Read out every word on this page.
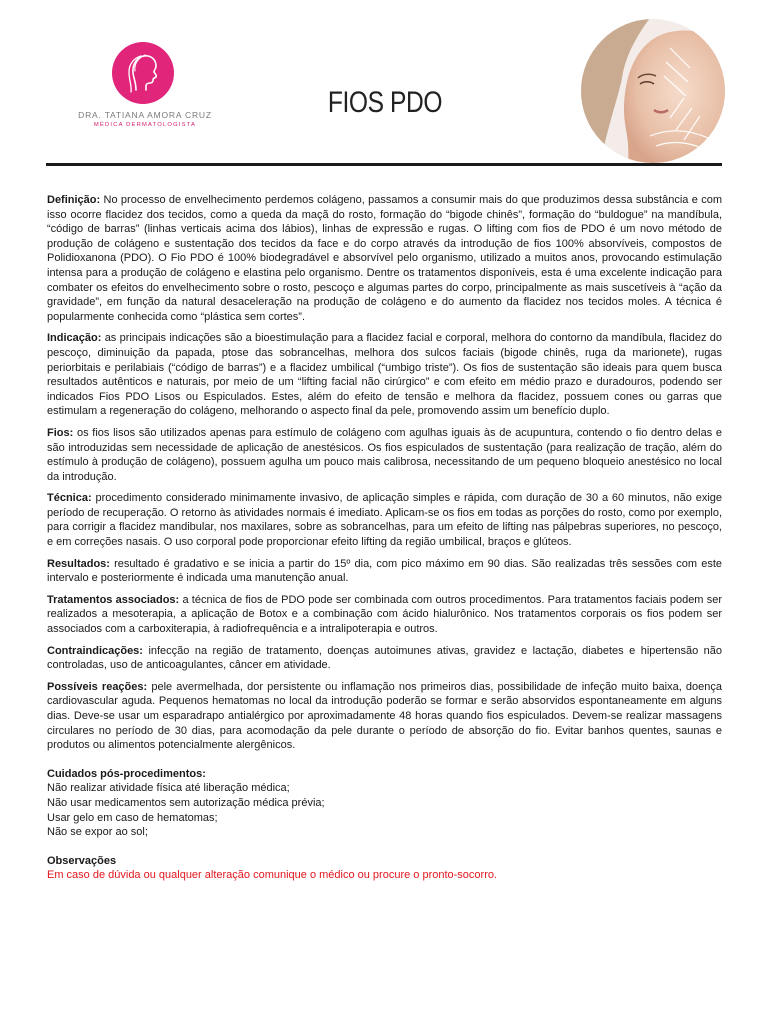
DRA. TATIANA AMORA CRUZ
MÉDICA DERMATOLOGISTA
FIOS PDO

Definição: No processo de envelhecimento perdemos colágeno, passamos a consumir mais do que produzimos dessa substância e com isso ocorre flacidez dos tecidos, como a queda da maçã do rosto, formação do “bigode chinês”, formação do “buldogue” na mandíbula, “código de barras” (linhas verticais acima dos lábios), linhas de expressão e rugas. O lifting com fios de PDO é um novo método de produção de colágeno e sustentação dos tecidos da face e do corpo através da introdução de fios 100% absorvíveis, compostos de Polidioxanona (PDO). O Fio PDO é 100% biodegradável e absorvível pelo organismo, utilizado a muitos anos, provocando estimulação intensa para a produção de colágeno e elastina pelo organismo. Dentre os tratamentos disponíveis, esta é uma excelente indicação para combater os efeitos do envelhecimento sobre o rosto, pescoço e algumas partes do corpo, principalmente as mais suscetíveis à “ação da gravidade”, em função da natural desaceleração na produção de colágeno e do aumento da flacidez nos tecidos moles. A técnica é popularmente conhecida como “plástica sem cortes”.

Indicação: as principais indicações são a bioestimulação para a flacidez facial e corporal, melhora do contorno da mandíbula, flacidez do pescoço, diminuição da papada, ptose das sobrancelhas, melhora dos sulcos faciais (bigode chinês, ruga da marionete), rugas periorbitais e perilabiais (“código de barras”) e a flacidez umbilical (“umbigo triste”). Os fios de sustentação são ideais para quem busca resultados autênticos e naturais, por meio de um “lifting facial não cirúrgico” e com efeito em médio prazo e duradouros, podendo ser indicados Fios PDO Lisos ou Espiculados. Estes, além do efeito de tensão e melhora da flacidez, possuem cones ou garras que estimulam a regeneração do colágeno, melhorando o aspecto final da pele, promovendo assim um benefício duplo.

Fios: os fios lisos são utilizados apenas para estímulo de colágeno com agulhas iguais às de acupuntura, contendo o fio dentro delas e são introduzidas sem necessidade de aplicação de anestésicos. Os fios espiculados de sustentação (para realização de tração, além do estímulo à produção de colágeno), possuem agulha um pouco mais calibrosa, necessitando de um pequeno bloqueio anestésico no local da introdução.

Técnica: procedimento considerado minimamente invasivo, de aplicação simples e rápida, com duração de 30 a 60 minutos, não exige período de recuperação. O retorno às atividades normais é imediato. Aplicam-se os fios em todas as porções do rosto, como por exemplo, para corrigir a flacidez mandibular, nos maxilares, sobre as sobrancelhas, para um efeito de lifting nas pálpebras superiores, no pescoço, e em correções nasais. O uso corporal pode proporcionar efeito lifting da região umbilical, braços e glúteos.

Resultados: resultado é gradativo e se inicia a partir do 15º dia, com pico máximo em 90 dias. São realizadas três sessões com este intervalo e posteriormente é indicada uma manutenção anual.

Tratamentos associados: a técnica de fios de PDO pode ser combinada com outros procedimentos. Para tratamentos faciais podem ser realizados a mesoterapia, a aplicação de Botox e a combinação com ácido hialurônico. Nos tratamentos corporais os fios podem ser associados com a carboxiterapia, à radiofrequência e a intralipoterapia e outros.

Contraindicações: infecção na região de tratamento, doenças autoimunes ativas, gravidez e lactação, diabetes e hipertensão não controladas, uso de anticoagulantes, câncer em atividade.

Possíveis reações: pele avermelhada, dor persistente ou inflamação nos primeiros dias, possibilidade de infeção muito baixa, doença cardiovascular aguda. Pequenos hematomas no local da introdução poderão se formar e serão absorvidos espontaneamente em alguns dias. Deve-se usar um esparadrapo antialérgico por aproximadamente 48 horas quando fios espiculados. Devem-se realizar massagens circulares no período de 30 dias, para acomodação da pele durante o período de absorção do fio. Evitar banhos quentes, saunas e produtos ou alimentos potencialmente alergênicos.

Cuidados pós-procedimentos:

Não realizar atividade física até liberação médica;
Não usar medicamentos sem autorização médica prévia;
Usar gelo em caso de hematomas;
Não se expor ao sol;
Observações
Em caso de dúvida ou qualquer alteração comunique o médico ou procure o pronto-socorro.
